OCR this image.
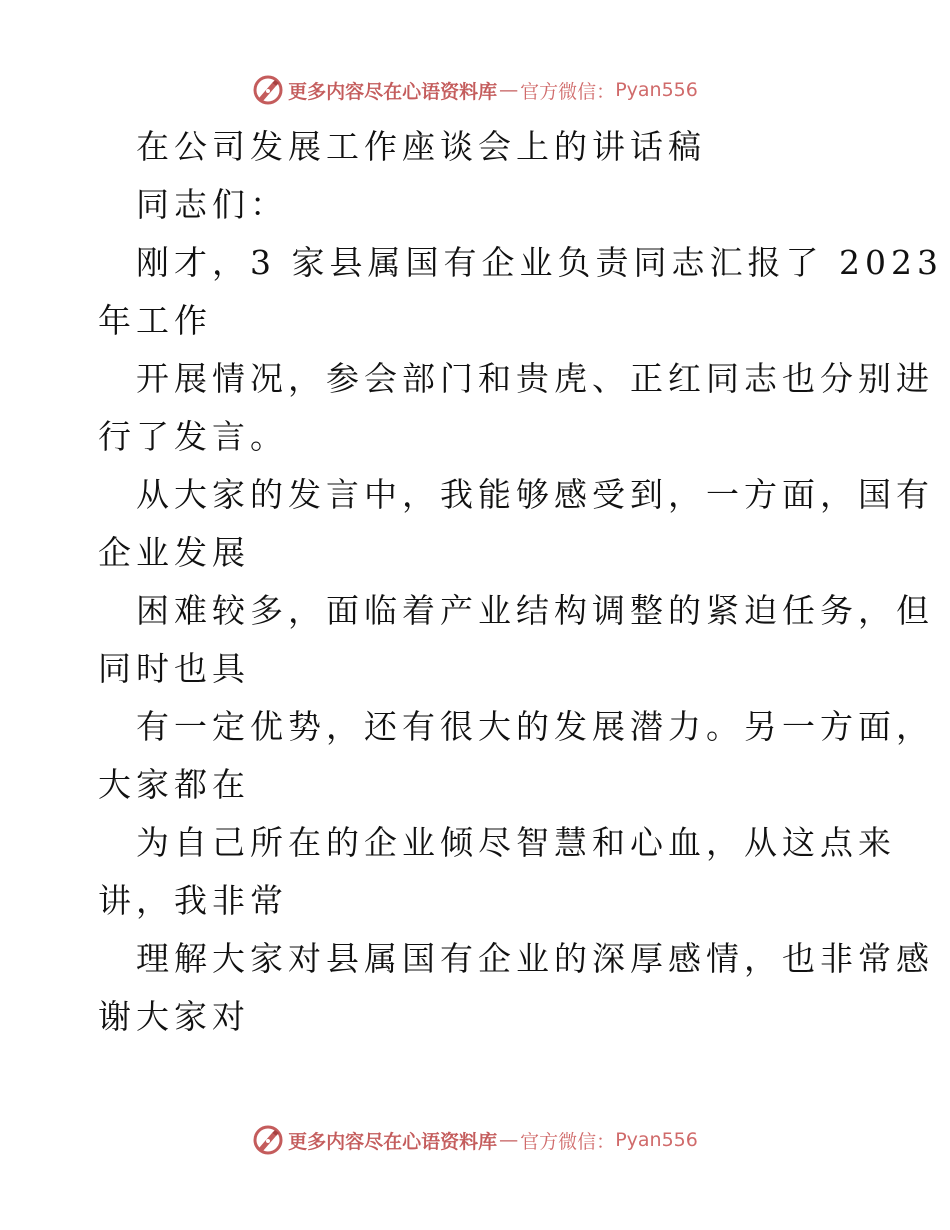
更多内容尽在心语资料库 — 官方微信： Pyan556
在公司发展工作座谈会上的讲话稿
同志们：
刚才，3 家县属国有企业负责同志汇报了 2023
年工作
开展情况，参会部门和贵虎、正红同志也分别进
行了发言。
从大家的发言中，我能够感受到，一方面，国有
企业发展
困难较多，面临着产业结构调整的紧迫任务，但
同时也具
有一定优势，还有很大的发展潜力。另一方面，
大家都在
为自己所在的企业倾尽智慧和心血，从这点来
讲，我非常
理解大家对县属国有企业的深厚感情，也非常感
谢大家对
更多内容尽在心语资料库 — 官方微信： Pyan556
